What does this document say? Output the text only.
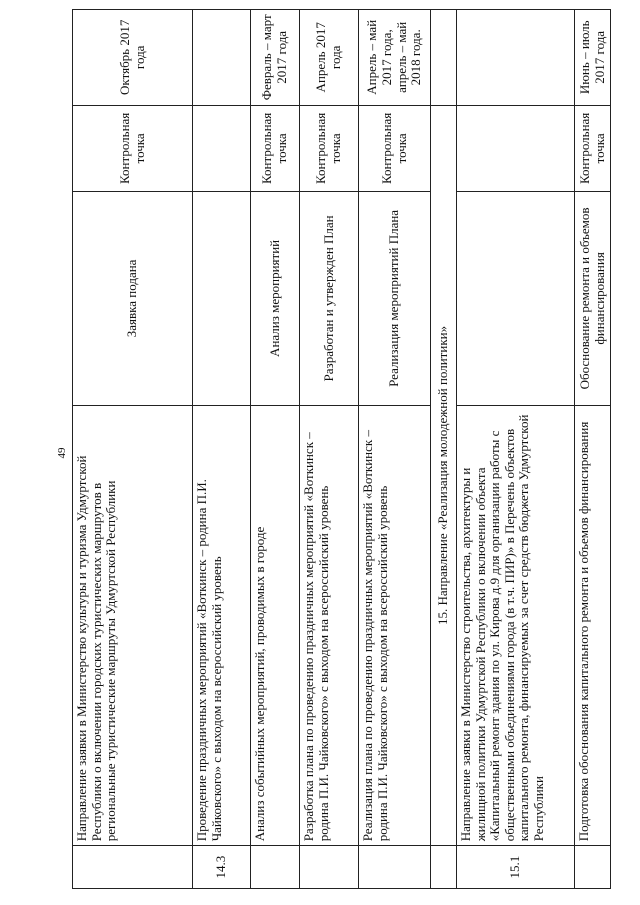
49
	Направление заявки в Министерство культуры и туризма Удмуртской Республики о включении городских туристических маршрутов в региональные туристические маршруты Удмуртской Республики	Заявка подана	Контрольная точка	Октябрь 2017 года
14.3	Проведение праздничных мероприятий «Воткинск – родина П.И. Чайковского» с выходом на всероссийский уровень			
	Анализ событийных мероприятий, проводимых в городе	Анализ мероприятий	Контрольная точка	Февраль – март 2017 года
	Разработка плана по проведению праздничных мероприятий «Воткинск – родина П.И. Чайковского» с выходом на всероссийский уровень	Разработан и утвержден План	Контрольная точка	Апрель 2017 года
	Реализация плана по проведению праздничных мероприятий «Воткинск – родина П.И. Чайковского» с выходом на всероссийский уровень	Реализация мероприятий Плана	Контрольная точка	Апрель – май 2017 года, апрель – май 2018 года.
	15. Направление «Реализация молодежной политики»			
15.1	Направление заявки в Министерство строительства, архитектуры и жилищной политики Удмуртской Республики о включении объекта «Капитальный ремонт здания по ул. Кирова д.9 для организации работы с общественными объединениями города (в т.ч. ПИР)» в Перечень объектов капитального ремонта, финансируемых за счет средств бюджета Удмуртской Республики			
	Подготовка обоснования капитального ремонта и объемов финансирования	Обоснование ремонта и объемов финансирования	Контрольная точка	Июнь – июль 2017 года
